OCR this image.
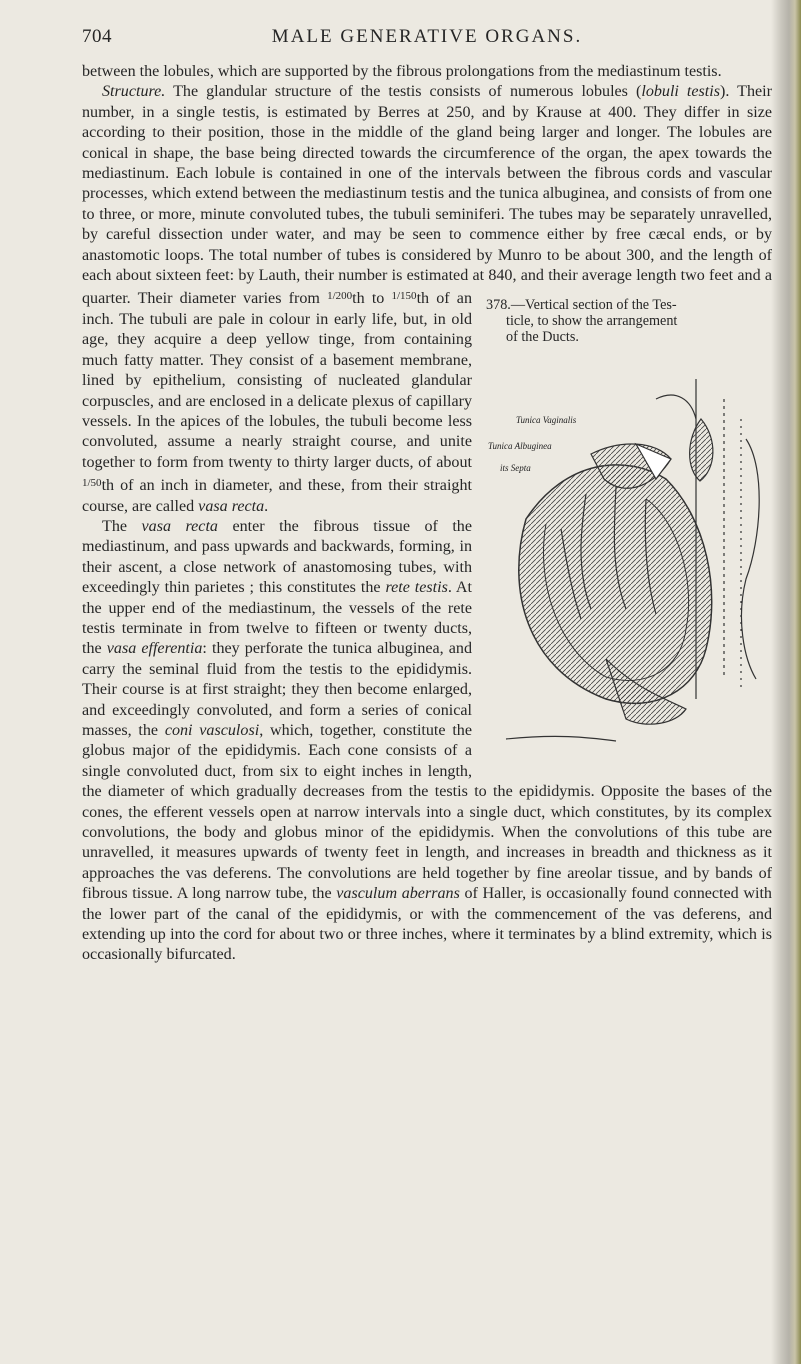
704	MALE GENERATIVE ORGANS.

between the lobules, which are supported by the fibrous prolongations from the mediastinum testis.

Structure. The glandular structure of the testis consists of numerous lobules (lobuli testis). Their number, in a single testis, is estimated by Berres at 250, and by Krause at 400. They differ in size according to their position, those in the middle of the gland being larger and longer. The lobules are conical in shape, the base being directed towards the circumference of the organ, the apex towards the mediastinum. Each lobule is contained in one of the intervals between the fibrous cords and vascular processes, which extend between the mediastinum testis and the tunica albuginea, and consists of from one to three, or more, minute convoluted tubes, the tubuli seminiferi. The tubes may be separately unravelled, by careful dissection under water, and may be seen to commence either by free cæcal ends, or by anastomotic loops. The total number of tubes is considered by Munro to be about 300, and the length of each about sixteen feet: by Lauth, their number is estimated at 840, and their average length two feet and a quarter. Their diameter varies from	378.—Vertical section of the Tes-

ticle, to show the arrangement
of the Ducts.
Tunica Vaginalis
Tunica Albuginea
its Septa
$^{1/200}$th to $^{1/150}$th of an inch. The tubuli are pale in colour in early life, but, in old age, they acquire a deep yellow tinge, from containing much fatty matter. They consist of a basement membrane, lined by epithelium, consisting of nucleated glandular corpuscles, and are enclosed in a delicate plexus of capillary vessels. In the apices of the lobules, the tubuli become less convoluted, assume a nearly straight course, and unite together to form from twenty to thirty larger ducts, of about $^{1/50}$th of an inch in diameter, and these, from their straight course, are called vasa recta.

The vasa recta enter the fibrous tissue of the mediastinum, and pass upwards and backwards, forming, in their ascent, a close network of anastomosing tubes, with exceedingly thin parietes ; this constitutes the rete testis. At the upper end of the mediastinum, the vessels of the rete testis terminate in from twelve to fifteen or twenty ducts, the vasa efferentia: they perforate the tunica albuginea, and carry the seminal fluid from the testis to the epididymis. Their course is at first straight; they then become enlarged, and exceedingly convoluted, and form a series of conical masses, the coni vasculosi, which, together, constitute the globus major of the epididymis. Each cone consists of a single convoluted duct, from six to eight inches in length, the diameter of which gradually decreases from the testis to the epididymis. Opposite the bases of the cones, the efferent vessels open at narrow intervals into a single duct, which constitutes, by its complex convolutions, the body and globus minor of the epididymis. When the convolutions of this tube are unravelled, it measures upwards of twenty feet in length, and increases in breadth and thickness as it approaches the vas deferens. The convolutions are held together by fine areolar tissue, and by bands of fibrous tissue. A long narrow tube, the vasculum aberrans of Haller, is occasionally found connected with the lower part of the canal of the epididymis, or with the commencement of the vas deferens, and extending up into the cord for about two or three inches, where it terminates by a blind extremity, which is occasionally bifurcated.
